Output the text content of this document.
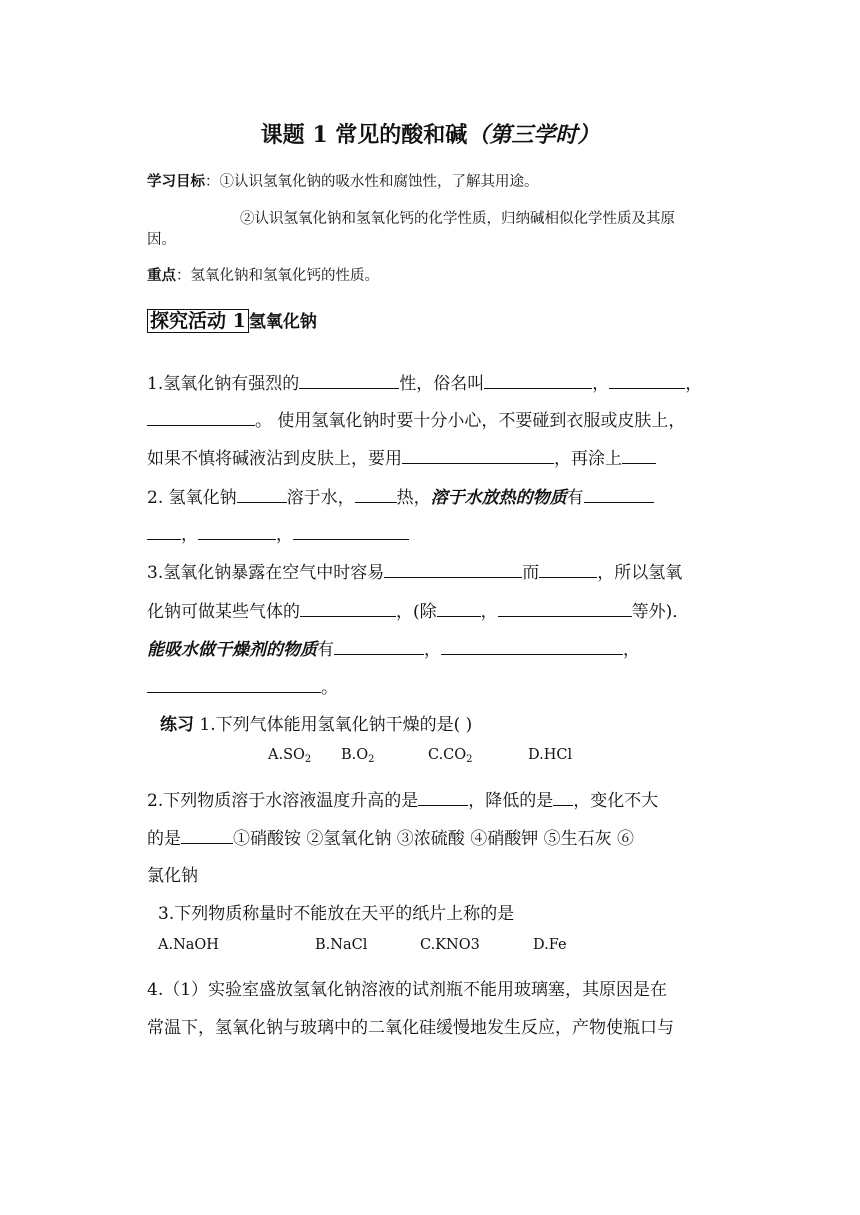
课题 1 常见的酸和碱（第三学时）
学习目标：①认识氢氧化钠的吸水性和腐蚀性，了解其用途。
②认识氢氧化钠和氢氧化钙的化学性质，归纳碱相似化学性质及其原
因。
重点：氢氧化钠和氢氧化钙的性质。
探究活动 1 氢氧化钠
1.氢氧化钠有强烈的	性，俗名叫	，	，
。 使用氢氧化钠时要十分小心，不要碰到衣服或皮肤上，
如果不慎将碱液沾到皮肤上，要用	，再涂上
2. 氢氧化钠	溶于水， 热，溶于水放热的物质有
，	，
3.氢氧化钠暴露在空气中时容易	而	，所以氢氧
化钠可做某些气体的	，(除	，	等外)．
能吸水做干燥剂的物质有	，	，
。
练习 1.下列气体能用氢氧化钠干燥的是( )
$A.SO_2$ $B.O_2$	$C.CO_2$	D.HCl
2.下列物质溶于水溶液温度升高的是	，降低的是 ，变化不大
的是	①硝酸铵 ②氢氧化钠 ③浓硫酸 ④硝酸钾 ⑤生石灰 ⑥
氯化钠
3.下列物质称量时不能放在天平的纸片上称的是
A.NaOH	B.NaCl	C.KNO3	D.Fe
4.（1）实验室盛放氢氧化钠溶液的试剂瓶不能用玻璃塞，其原因是在
常温下，氢氧化钠与玻璃中的二氧化硅缓慢地发生反应，产物使瓶口与
